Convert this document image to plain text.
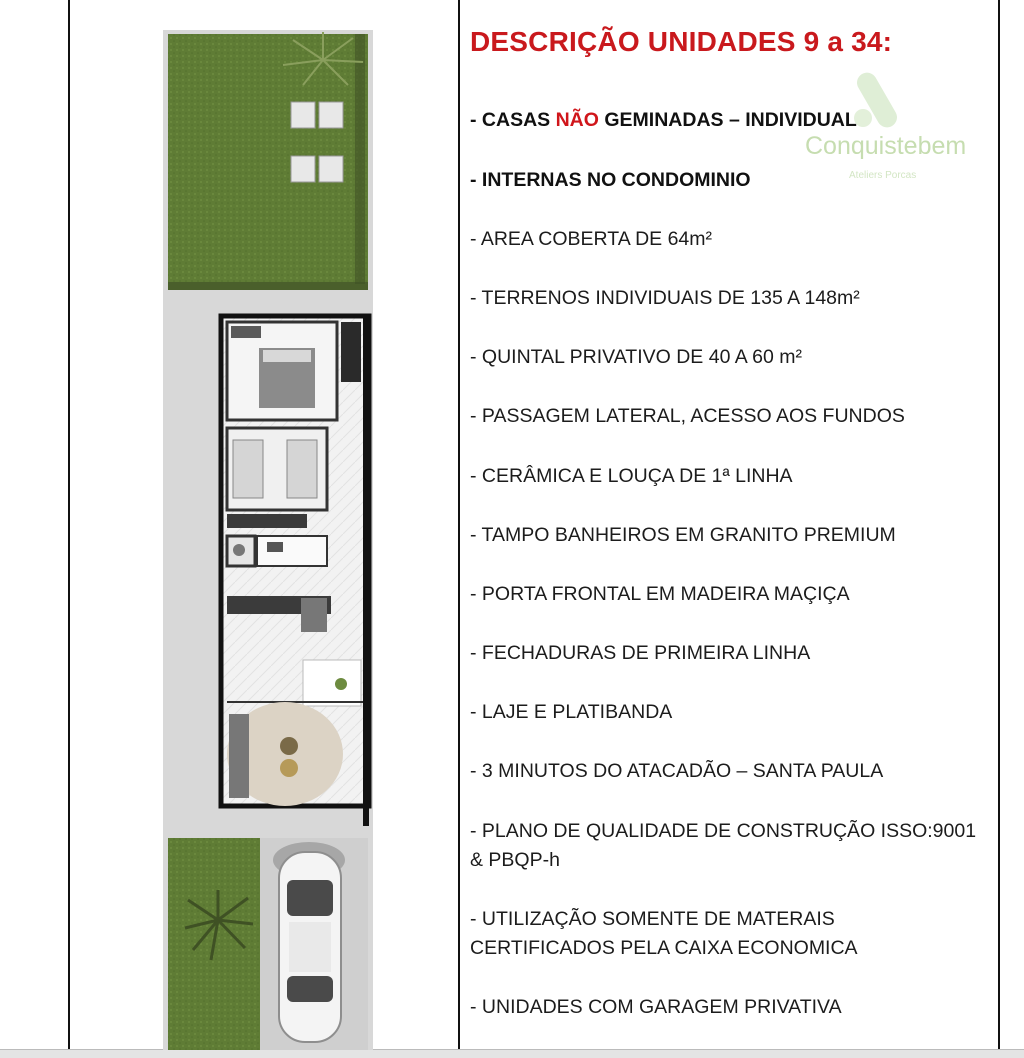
Conquistebem
Ateliers Porcas
DESCRIÇÃO UNIDADES 9 a 34:
- CASAS NÃO GEMINADAS – INDIVIDUAL
- INTERNAS NO CONDOMINIO
- AREA COBERTA DE 64m²
- TERRENOS INDIVIDUAIS DE 135 A 148m²
- QUINTAL PRIVATIVO DE 40 A 60 m²
- PASSAGEM LATERAL, ACESSO AOS FUNDOS
- CERÂMICA E LOUÇA DE 1ª LINHA
- TAMPO BANHEIROS EM GRANITO PREMIUM
- PORTA FRONTAL EM MADEIRA MAÇIÇA
- FECHADURAS DE PRIMEIRA LINHA
- LAJE E PLATIBANDA
- 3 MINUTOS DO ATACADÃO – SANTA PAULA
- PLANO DE QUALIDADE DE CONSTRUÇÃO ISSO:9001
& PBQP-h
- UTILIZAÇÃO SOMENTE DE MATERAIS
CERTIFICADOS PELA CAIXA ECONOMICA
- UNIDADES COM GARAGEM PRIVATIVA
